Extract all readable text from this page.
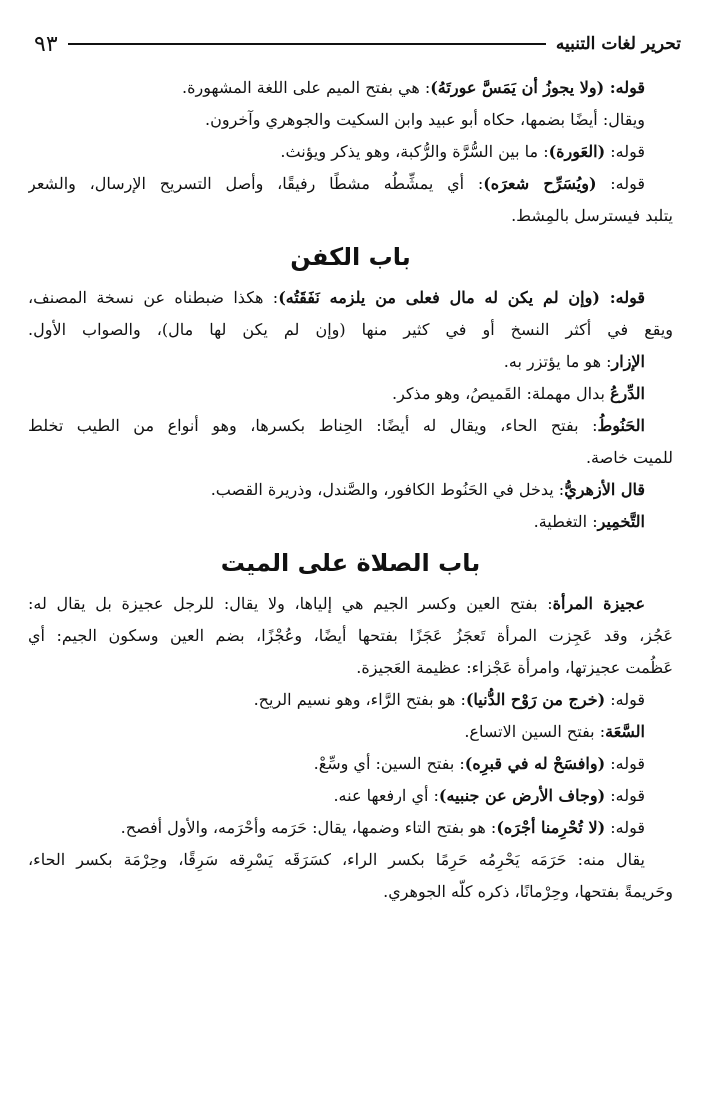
تحرير لغات التنبيه
٩٣
قوله: (ولا يجوزُ أن يَمَسَّ عورتَهُ): هي بفتح الميم على اللغة المشهورة.
ويقال: أيضًا بضمها، حكاه أبو عبيد وابن السكيت والجوهري وآخرون.
قوله: (العَورة): ما بين السُّرَّة والرُّكبة، وهو يذكر ويؤنث.
قوله: (ويُسَرِّح شعرَه): أي يمشِّطُه مشطًا رفيقًا، وأصل التسريح الإرسال، والشعر
يتلبد فيسترسل بالمِشط.
باب الكفن
قوله: (وإن لم يكن له مال فعلى من يلزمه نَفَقَتُه): هكذا ضبطناه عن نسخة المصنف،
ويقع في أكثر النسخ أو في كثير منها (وإن لم يكن لها مال)، والصواب الأول.
الإزار: هو ما يؤتزر به.
الدِّرعُ بدال مهملة: القَميصُ، وهو مذكر.
الحَنُوطُ: بفتح الحاء، ويقال له أيضًا: الحِناط بكسرها، وهو أنواع من الطيب تخلط
للميت خاصة.
قال الأزهريُّ: يدخل في الحَنُوط الكافور، والصَّندل، وذريرة القصب.
التَّخمِير: التغطية.
باب الصلاة على الميت
عجيزة المرأة: بفتح العين وكسر الجيم هي إلياها، ولا يقال: للرجل عجيزة بل يقال له:
عَجُز، وقد عَجِزت المرأة تَعجَزُ عَجَزًا بفتحها أيضًا، وعُجْزًا، بضم العين وسكون الجيم: أي
عَظُمت عجيزتها، وامرأة عَجْزاء: عظيمة العَجيزة.
قوله: (خرج من رَوْح الدُّنيا): هو بفتح الرَّاء، وهو نسيم الريح.
السَّعَة: بفتح السين الاتساع.
قوله: (وافسَحْ له في قبرِه): بفتح السين: أي وسِّعْ.
قوله: (وجاف الأرض عن جنبيه): أي ارفعها عنه.
قوله: (لا تُحْرِمنا أجْرَه): هو بفتح التاء وضمها، يقال: حَرَمه وأحْرَمه، والأول أفصح.
يقال منه: حَرَمَه يَحْرِمُه حَرِمًا بكسر الراء، كسَرَقَه يَسْرِقه سَرِقًا، وحِرْمَة بكسر الحاء،
وحَريمةً بفتحها، وحِرْمانًا، ذكره كلّه الجوهري.
